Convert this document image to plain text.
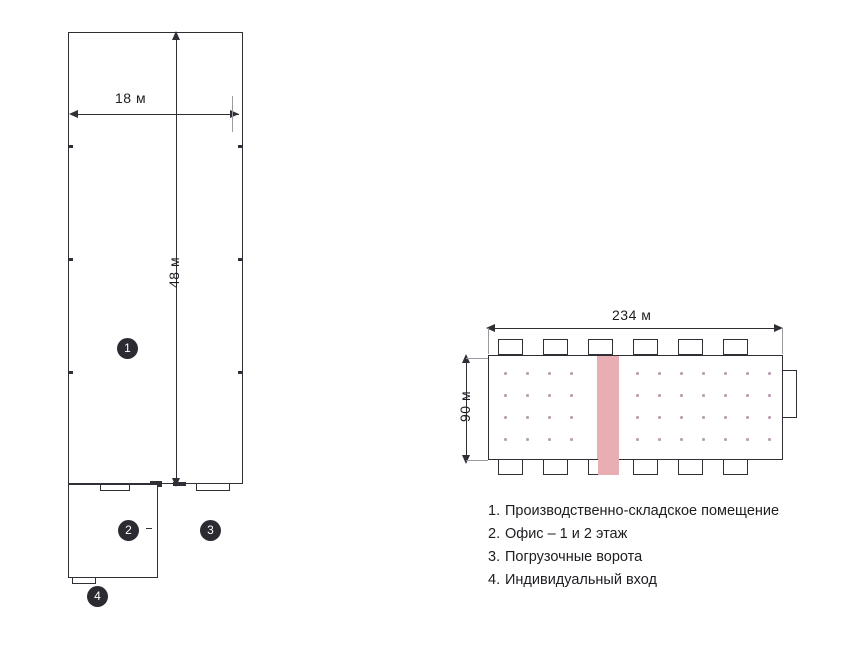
18 м
48 м
1
2	3
4
234 м
90 м
1. Производственно-складское помещение
2. Офис – 1 и 2 этаж
3. Погрузочные ворота
4. Индивидуальный вход
